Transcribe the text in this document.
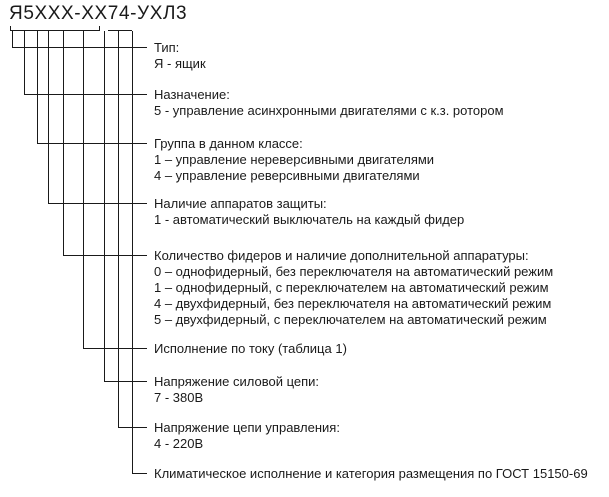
Я5ХХХ-ХХ74-УХЛ3
Тип:
Я - ящик
Назначение:
5 - управление асинхронными двигателями с к.з. ротором
Группа в данном классе:
1 – управление нереверсивными двигателями
4 – управление реверсивными двигателями
Наличие аппаратов защиты:
1 - автоматический выключатель на каждый фидер
Количество фидеров и наличие дополнительной аппаратуры:
0 – однофидерный, без переключателя на автоматический режим
1 – однофидерный, с переключателем на автоматический режим
4 – двухфидерный, без переключателя на автоматический режим
5 – двухфидерный, с переключателем на автоматический режим
Исполнение по току (таблица 1)
Напряжение силовой цепи:
7 - 380В
Напряжение цепи управления:
4 - 220В
Климатическое исполнение и категория размещения по ГОСТ 15150-69
